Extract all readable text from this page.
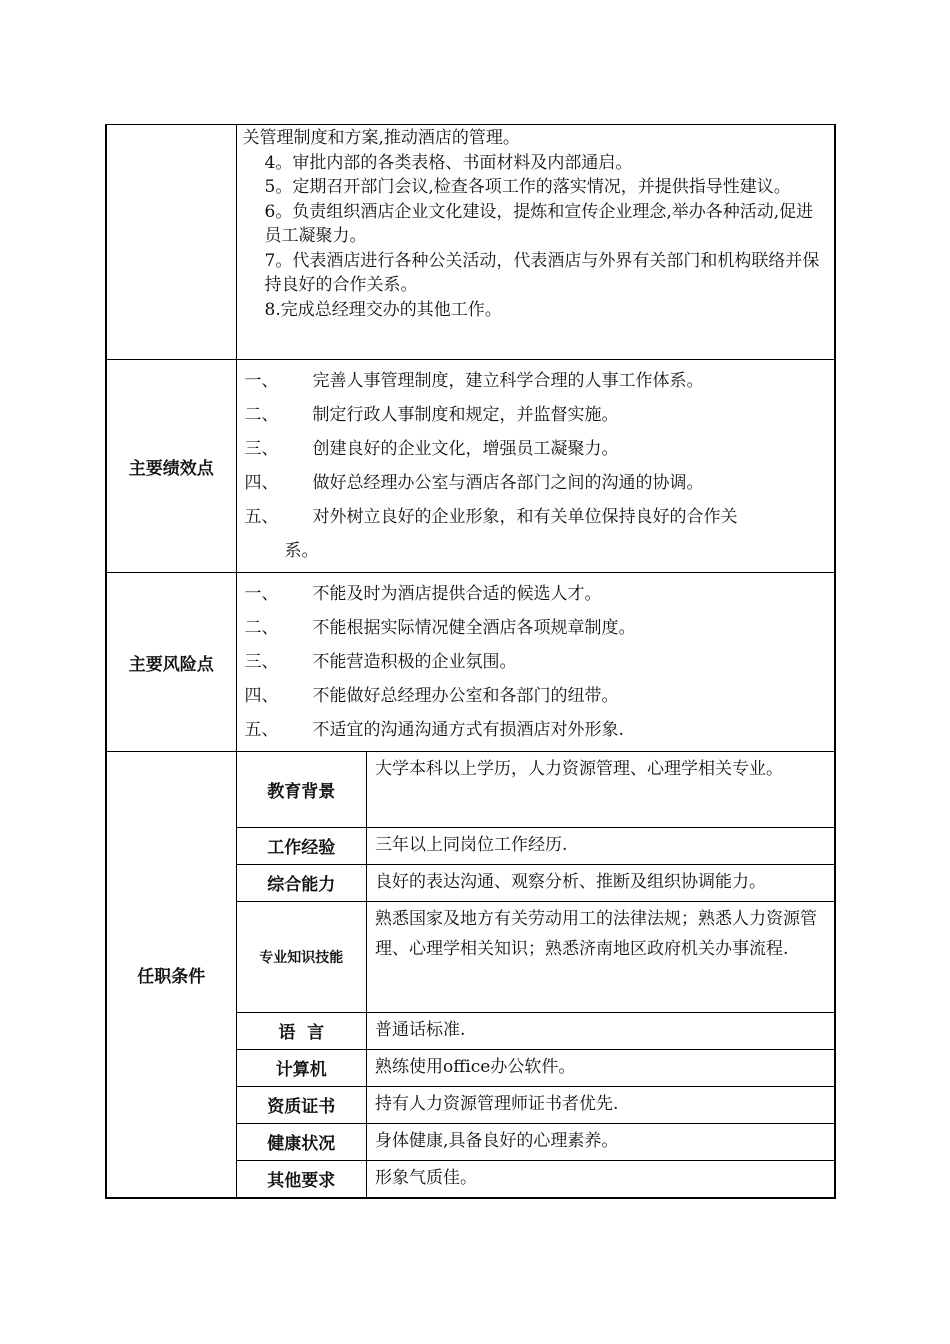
关管理制度和方案,推动酒店的管理。

4。审批内部的各类表格、书面材料及内部通启。

5。定期召开部门会议,检查各项工作的落实情况，并提供指导性建议。

6。负责组织酒店企业文化建设，提炼和宣传企业理念,举办各种活动,促进员工凝聚力。

7。代表酒店进行各种公关活动，代表酒店与外界有关部门和机构联络并保持良好的合作关系。

8.完成总经理交办的其他工作。

主要绩效点	
一、	完善人事管理制度，建立科学合理的人事工作体系。
二、	制定行政人事制度和规定，并监督实施。
三、	创建良好的企业文化，增强员工凝聚力。
四、	做好总经理办公室与酒店各部门之间的沟通的协调。
五、	对外树立良好的企业形象，和有关单位保持良好的合作关
系。

主要风险点	
一、	不能及时为酒店提供合适的候选人才。
二、	不能根据实际情况健全酒店各项规章制度。
三、	不能营造积极的企业氛围。
四、	不能做好总经理办公室和各部门的纽带。
五、	不适宜的沟通沟通方式有损酒店对外形象.

任职条件	
教育背景	大学本科以上学历，人力资源管理、心理学相关专业。
工作经验	三年以上同岗位工作经历.
综合能力	良好的表达沟通、观察分析、推断及组织协调能力。
专业知识技能	熟悉国家及地方有关劳动用工的法律法规；熟悉人力资源管理、心理学相关知识；熟悉济南地区政府机关办事流程.
语  言	普通话标准.
计算机	熟练使用office办公软件。
资质证书	持有人力资源管理师证书者优先.
健康状况	身体健康,具备良好的心理素养。
其他要求	形象气质佳。
